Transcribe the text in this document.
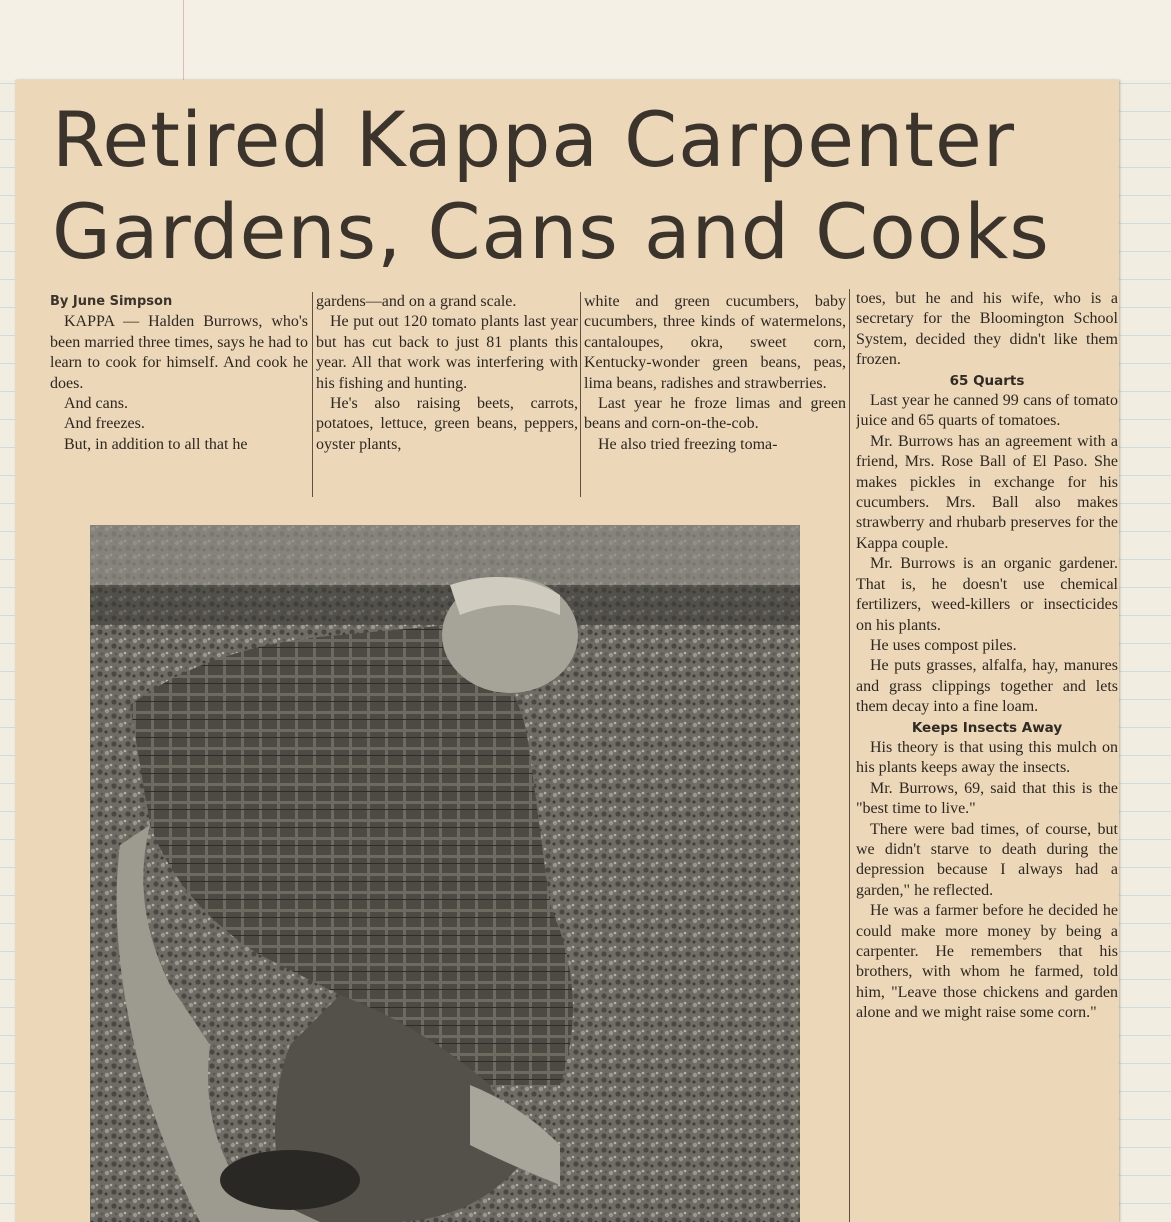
Retired Kappa Carpenter
Gardens, Cans and Cooks

By June Simpson

KAPPA — Halden Burrows, who's been married three times, says he had to learn to cook for himself. And cook he does.

And cans.

And freezes.

But, in addition to all that he

gardens—and on a grand scale.

He put out 120 tomato plants last year but has cut back to just 81 plants this year. All that work was interfering with his fishing and hunting.

He's also raising beets, carrots, potatoes, lettuce, green beans, peppers, oyster plants,

white and green cucumbers, baby cucumbers, three kinds of watermelons, cantaloupes, okra, sweet corn, Kentucky-wonder green beans, peas, lima beans, radishes and strawberries.

Last year he froze limas and green beans and corn-on-the-cob.

He also tried freezing toma-

toes, but he and his wife, who is a secretary for the Bloomington School System, decided they didn't like them frozen.

65 Quarts

Last year he canned 99 cans of tomato juice and 65 quarts of tomatoes.

Mr. Burrows has an agreement with a friend, Mrs. Rose Ball of El Paso. She makes pickles in exchange for his cucumbers. Mrs. Ball also makes strawberry and rhubarb preserves for the Kappa couple.

Mr. Burrows is an organic gardener. That is, he doesn't use chemical fertilizers, weed-killers or insecticides on his plants.

He uses compost piles.

He puts grasses, alfalfa, hay, manures and grass clippings together and lets them decay into a fine loam.

Keeps Insects Away

His theory is that using this mulch on his plants keeps away the insects.

Mr. Burrows, 69, said that this is the "best time to live."

There were bad times, of course, but we didn't starve to death during the depression because I always had a garden," he reflected.

He was a farmer before he decided he could make more money by being a carpenter. He remembers that his brothers, with whom he farmed, told him, "Leave those chickens and garden alone and we might raise some corn."
